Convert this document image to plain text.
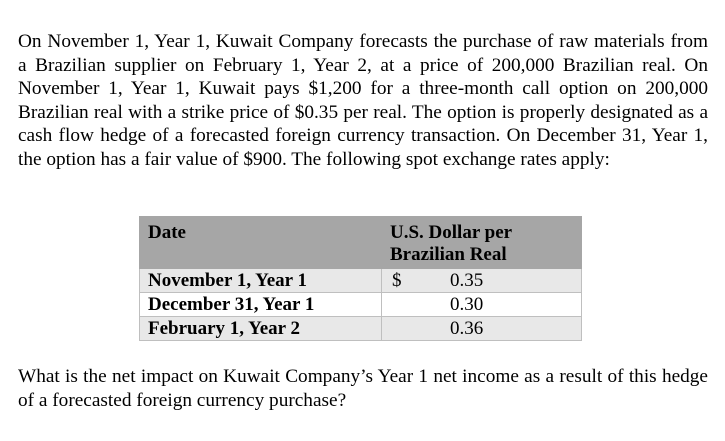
On November 1, Year 1, Kuwait Company forecasts the purchase of raw materials from a Brazilian supplier on February 1, Year 2, at a price of 200,000 Brazilian real. On November 1, Year 1, Kuwait pays $1,200 for a three-month call option on 200,000 Brazilian real with a strike price of $0.35 per real. The option is properly designated as a cash flow hedge of a forecasted foreign currency transaction. On December 31, Year 1, the option has a fair value of $900. The following spot exchange rates apply:

Date	U.S. Dollar per
Brazilian Real

November 1, Year 1	$ 0.35

December 31, Year 1	0.30

February 1, Year 2	0.36

What is the net impact on Kuwait Company’s Year 1 net income as a result of this hedge of a forecasted foreign currency purchase?
